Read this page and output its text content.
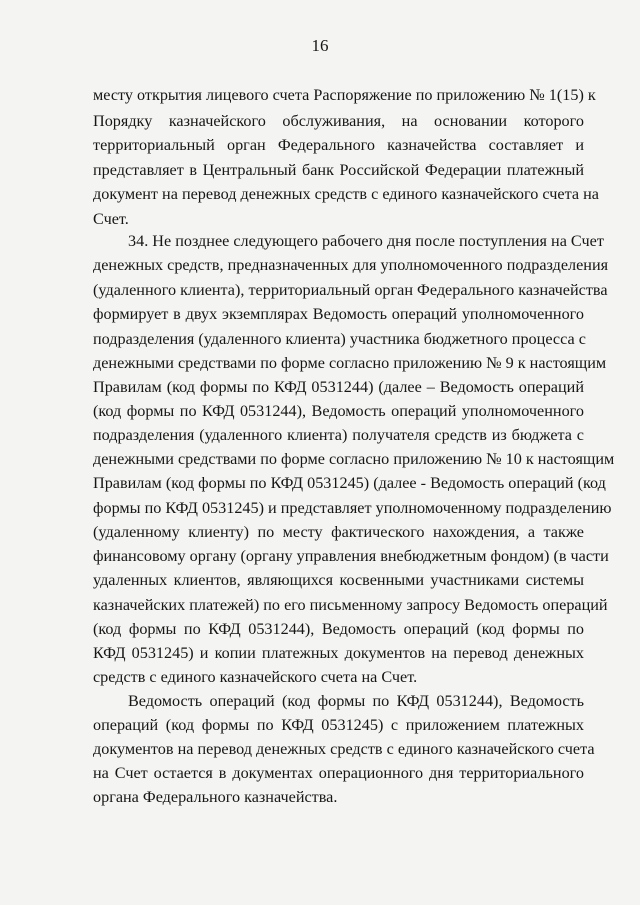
16
месту открытия лицевого счета Распоряжение по приложению № 1(15) к
Порядку казначейского обслуживания, на основании которого
территориальный орган Федерального казначейства составляет и
представляет в Центральный банк Российской Федерации платежный
документ на перевод денежных средств с единого казначейского счета на
Счет.
34. Не позднее следующего рабочего дня после поступления на Счет
денежных средств, предназначенных для уполномоченного подразделения
(удаленного клиента), территориальный орган Федерального казначейства
формирует в двух экземплярах Ведомость операций уполномоченного
подразделения (удаленного клиента) участника бюджетного процесса с
денежными средствами по форме согласно приложению № 9 к настоящим
Правилам (код формы по КФД 0531244) (далее – Ведомость операций
(код формы по КФД 0531244), Ведомость операций уполномоченного
подразделения (удаленного клиента) получателя средств из бюджета с
денежными средствами по форме согласно приложению № 10 к настоящим
Правилам (код формы по КФД 0531245) (далее - Ведомость операций (код
формы по КФД 0531245) и представляет уполномоченному подразделению
(удаленному клиенту) по месту фактического нахождения, а также
финансовому органу (органу управления внебюджетным фондом) (в части
удаленных клиентов, являющихся косвенными участниками системы
казначейских платежей) по его письменному запросу Ведомость операций
(код формы по КФД 0531244), Ведомость операций (код формы по
КФД 0531245) и копии платежных документов на перевод денежных
средств с единого казначейского счета на Счет.
Ведомость операций (код формы по КФД 0531244), Ведомость
операций (код формы по КФД 0531245) с приложением платежных
документов на перевод денежных средств с единого казначейского счета
на Счет остается в документах операционного дня территориального
органа Федерального казначейства.
